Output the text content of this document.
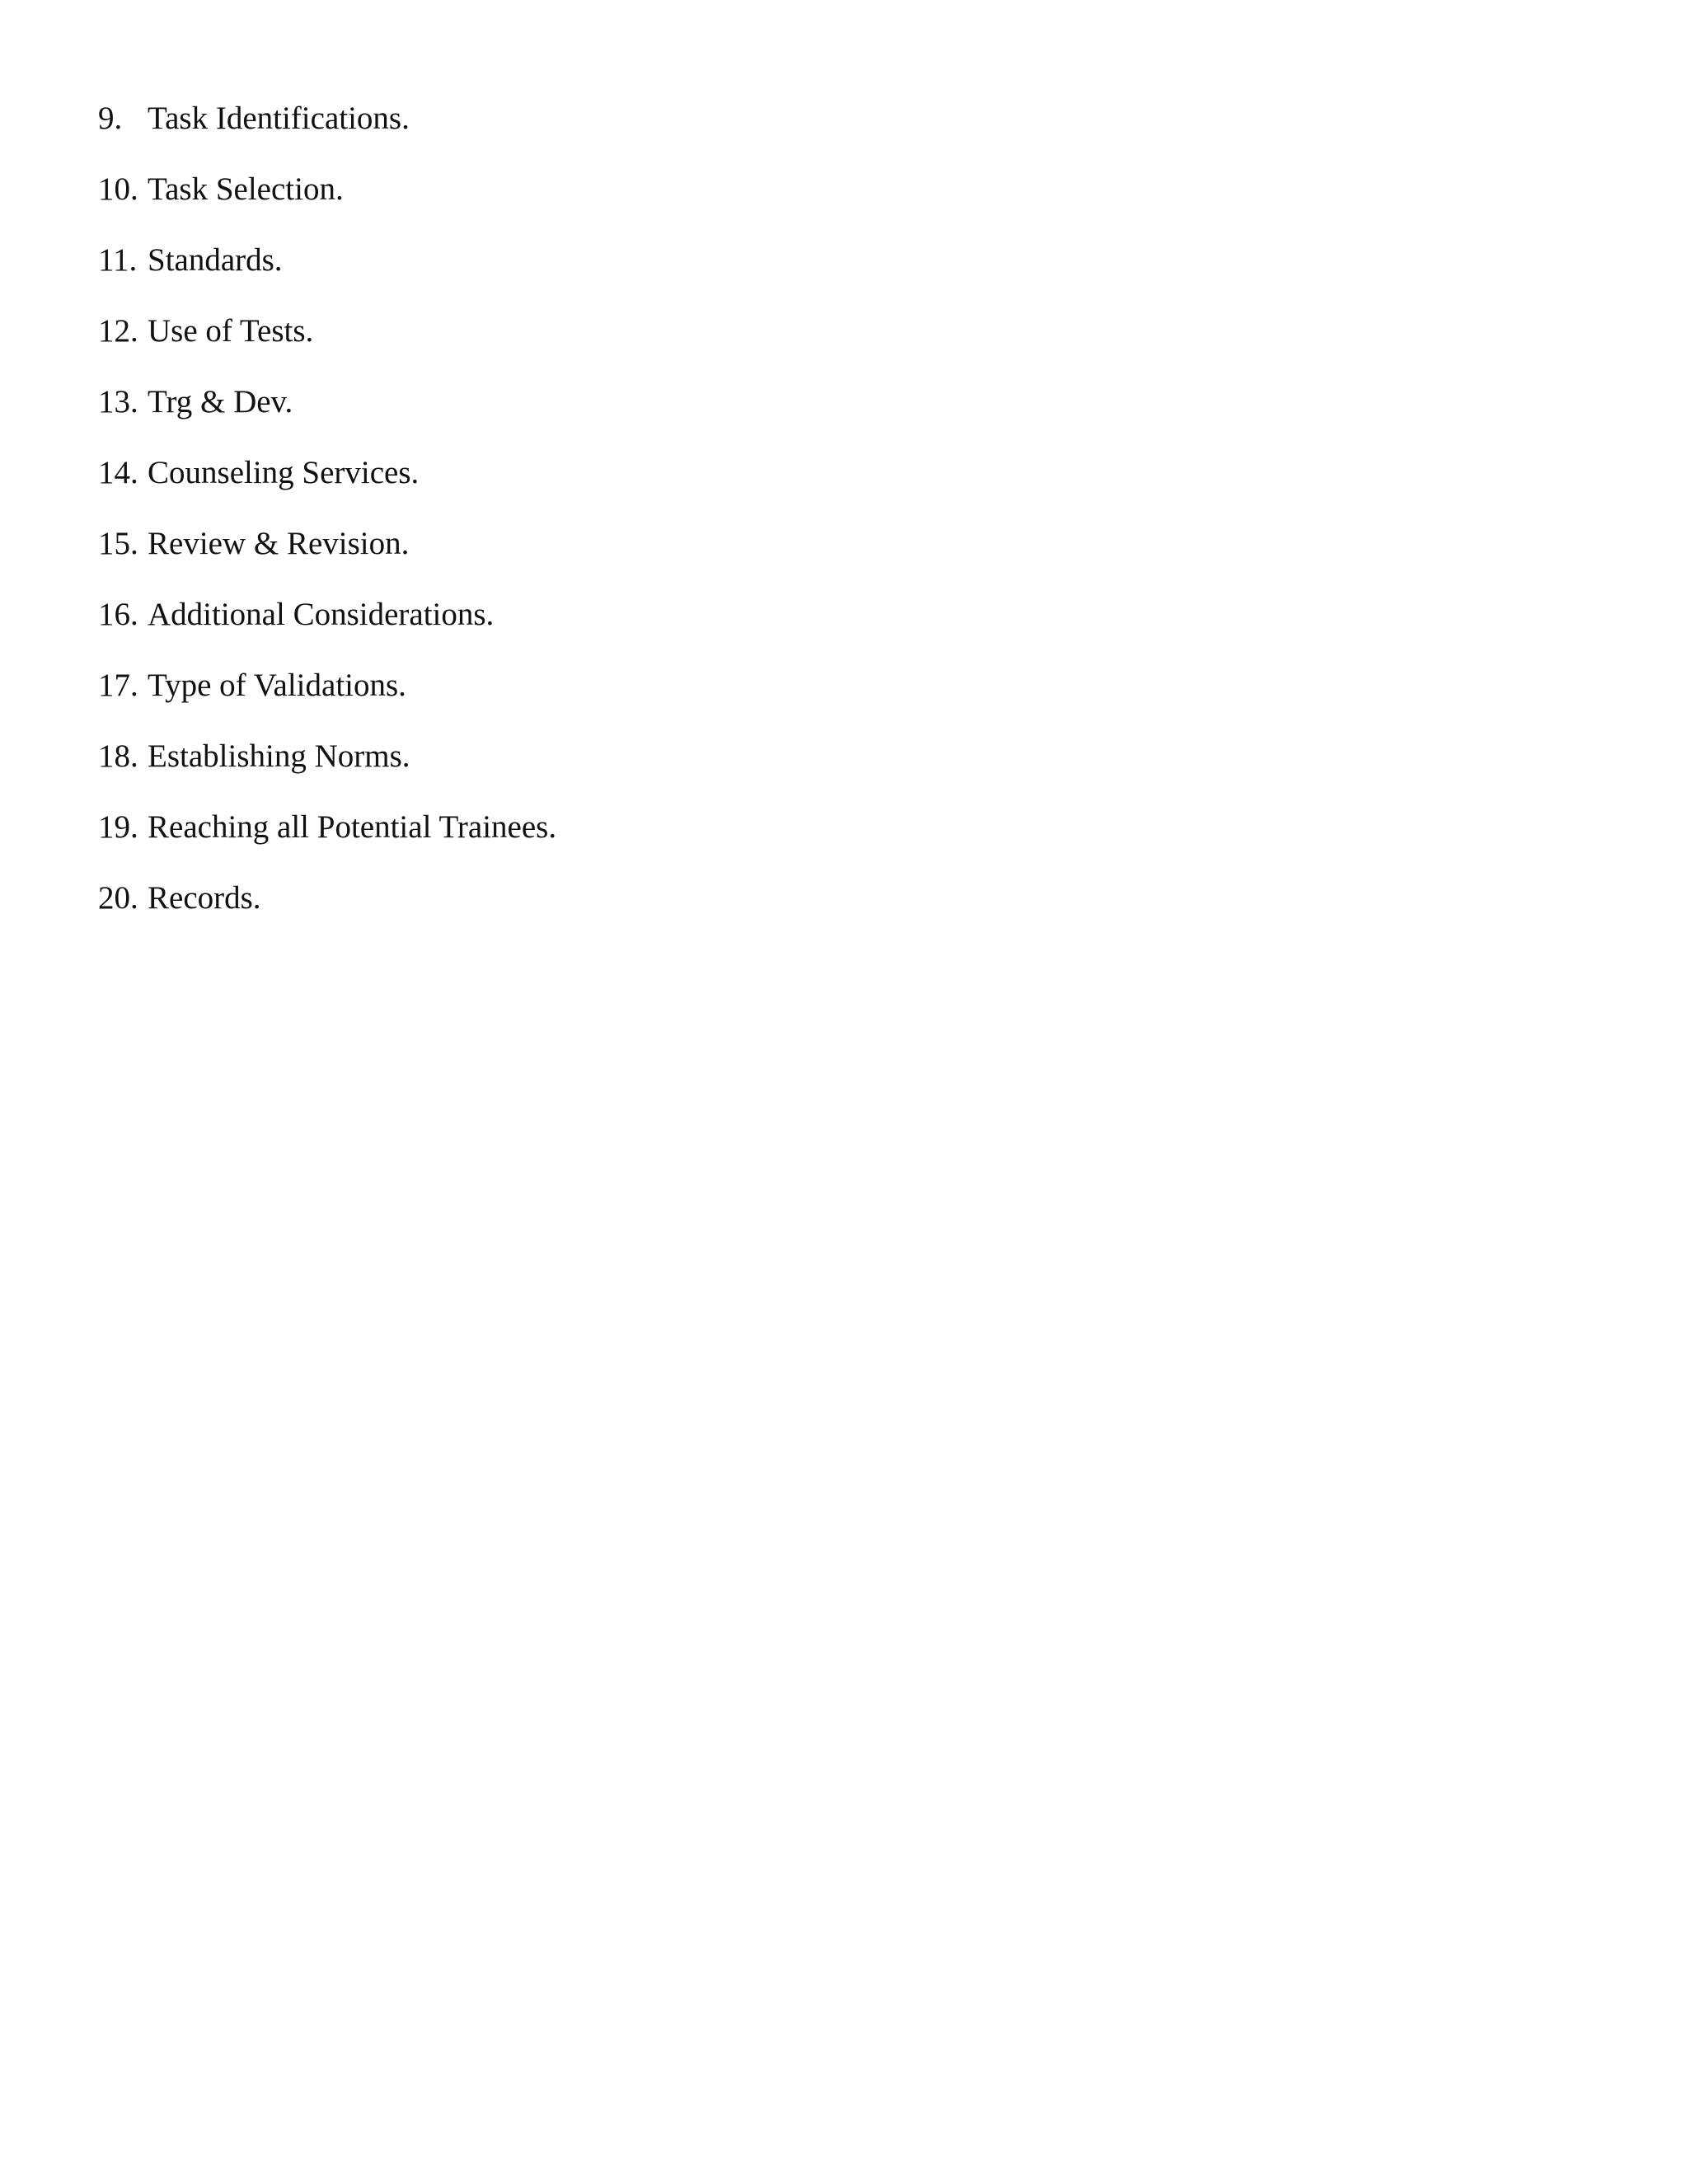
9. Task Identifications.
10. Task Selection.
11. Standards.
12. Use of Tests.
13. Trg & Dev.
14. Counseling Services.
15. Review & Revision.
16. Additional Considerations.
17. Type of Validations.
18. Establishing Norms.
19. Reaching all Potential Trainees.
20. Records.
